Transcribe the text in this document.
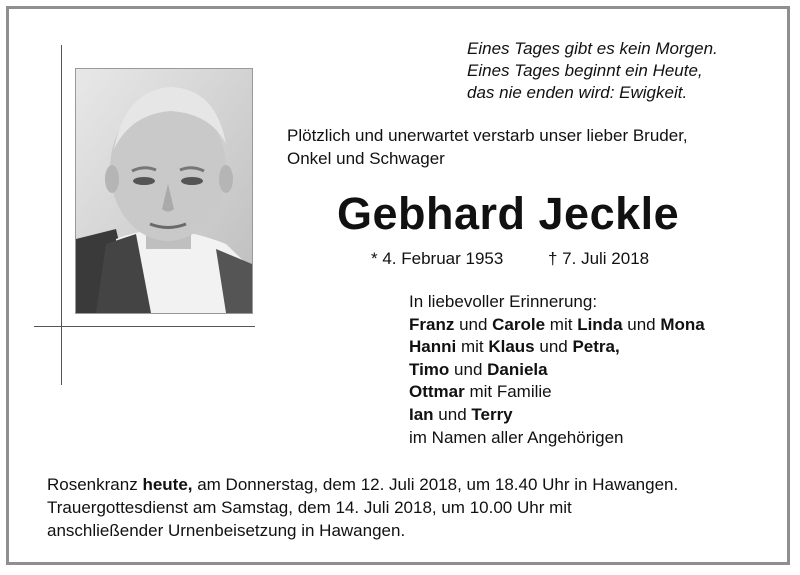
Eines Tages gibt es kein Morgen.
Eines Tages beginnt ein Heute,
das nie enden wird: Ewigkeit.
Plötzlich und unerwartet verstarb unser lieber Bruder,
Onkel und Schwager
Gebhard Jeckle
* 4. Februar 1953	† 7. Juli 2018
In liebevoller Erinnerung:
Franz und Carole mit Linda und Mona
Hanni mit Klaus und Petra,
Timo und Daniela
Ottmar mit Familie
Ian und Terry
im Namen aller Angehörigen
Rosenkranz heute, am Donnerstag, dem 12. Juli 2018, um 18.40 Uhr in Hawangen.
Trauergottesdienst am Samstag, dem 14. Juli 2018, um 10.00 Uhr mit
anschließender Urnenbeisetzung in Hawangen.
